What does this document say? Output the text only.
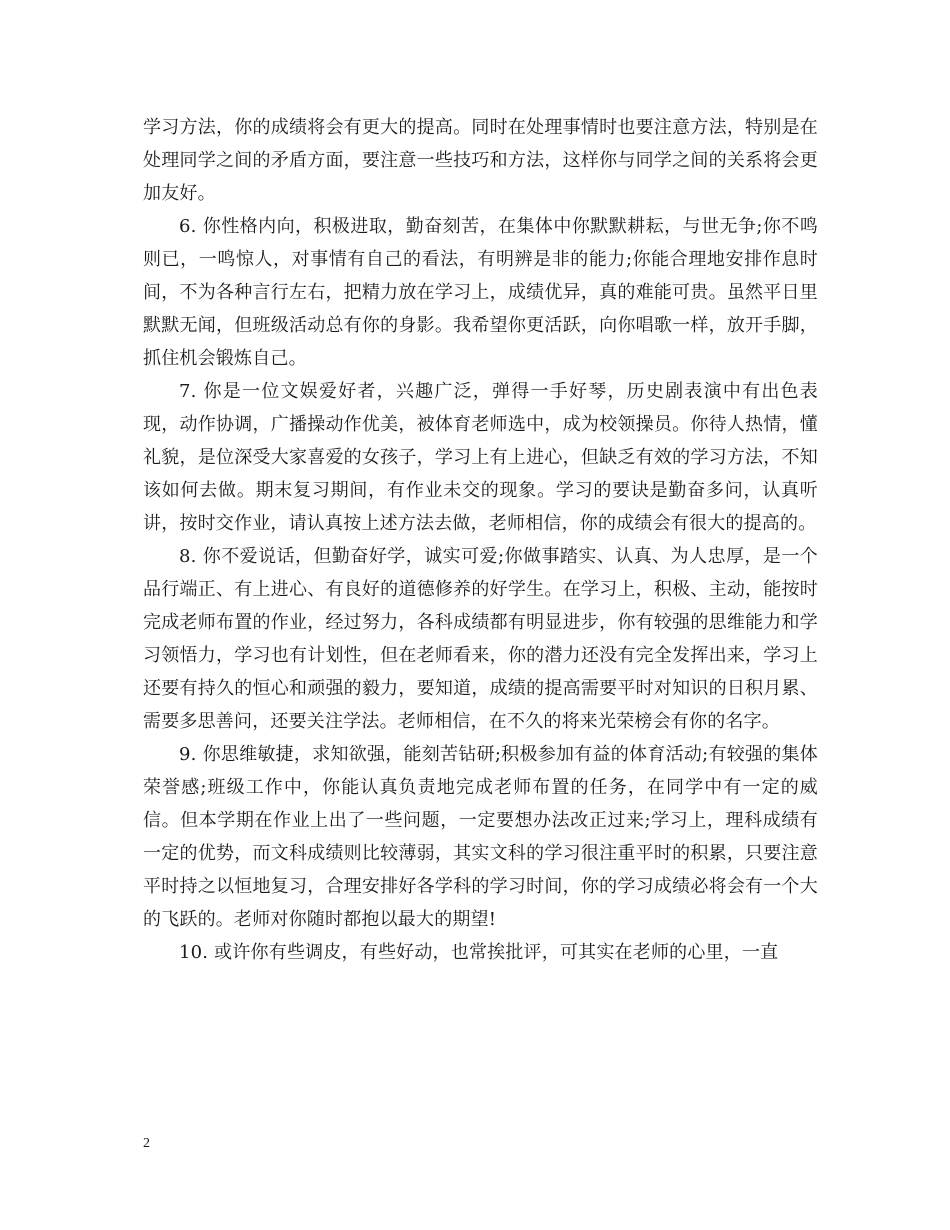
学习方法，你的成绩将会有更大的提高。同时在处理事情时也要注意方法，特别是在处理同学之间的矛盾方面，要注意一些技巧和方法，这样你与同学之间的关系将会更加友好。

6. 你性格内向，积极进取，勤奋刻苦，在集体中你默默耕耘，与世无争;你不鸣则已，一鸣惊人，对事情有自己的看法，有明辨是非的能力;你能合理地安排作息时间，不为各种言行左右，把精力放在学习上，成绩优异，真的难能可贵。虽然平日里默默无闻，但班级活动总有你的身影。我希望你更活跃，向你唱歌一样，放开手脚，抓住机会锻炼自己。

7. 你是一位文娱爱好者，兴趣广泛，弹得一手好琴，历史剧表演中有出色表现，动作协调，广播操动作优美，被体育老师选中，成为校领操员。你待人热情，懂礼貌，是位深受大家喜爱的女孩子，学习上有上进心，但缺乏有效的学习方法，不知该如何去做。期末复习期间，有作业未交的现象。学习的要诀是勤奋多问，认真听讲，按时交作业，请认真按上述方法去做，老师相信，你的成绩会有很大的提高的。

8. 你不爱说话，但勤奋好学，诚实可爱;你做事踏实、认真、为人忠厚，是一个品行端正、有上进心、有良好的道德修养的好学生。在学习上，积极、主动，能按时完成老师布置的作业，经过努力，各科成绩都有明显进步，你有较强的思维能力和学习领悟力，学习也有计划性，但在老师看来，你的潜力还没有完全发挥出来，学习上还要有持久的恒心和顽强的毅力，要知道，成绩的提高需要平时对知识的日积月累、需要多思善问，还要关注学法。老师相信，在不久的将来光荣榜会有你的名字。

9. 你思维敏捷，求知欲强，能刻苦钻研;积极参加有益的体育活动;有较强的集体荣誉感;班级工作中，你能认真负责地完成老师布置的任务，在同学中有一定的威信。但本学期在作业上出了一些问题，一定要想办法改正过来;学习上，理科成绩有一定的优势，而文科成绩则比较薄弱，其实文科的学习很注重平时的积累，只要注意平时持之以恒地复习，合理安排好各学科的学习时间，你的学习成绩必将会有一个大的飞跃的。老师对你随时都抱以最大的期望!

10. 或许你有些调皮，有些好动，也常挨批评，可其实在老师的心里，一直

2
